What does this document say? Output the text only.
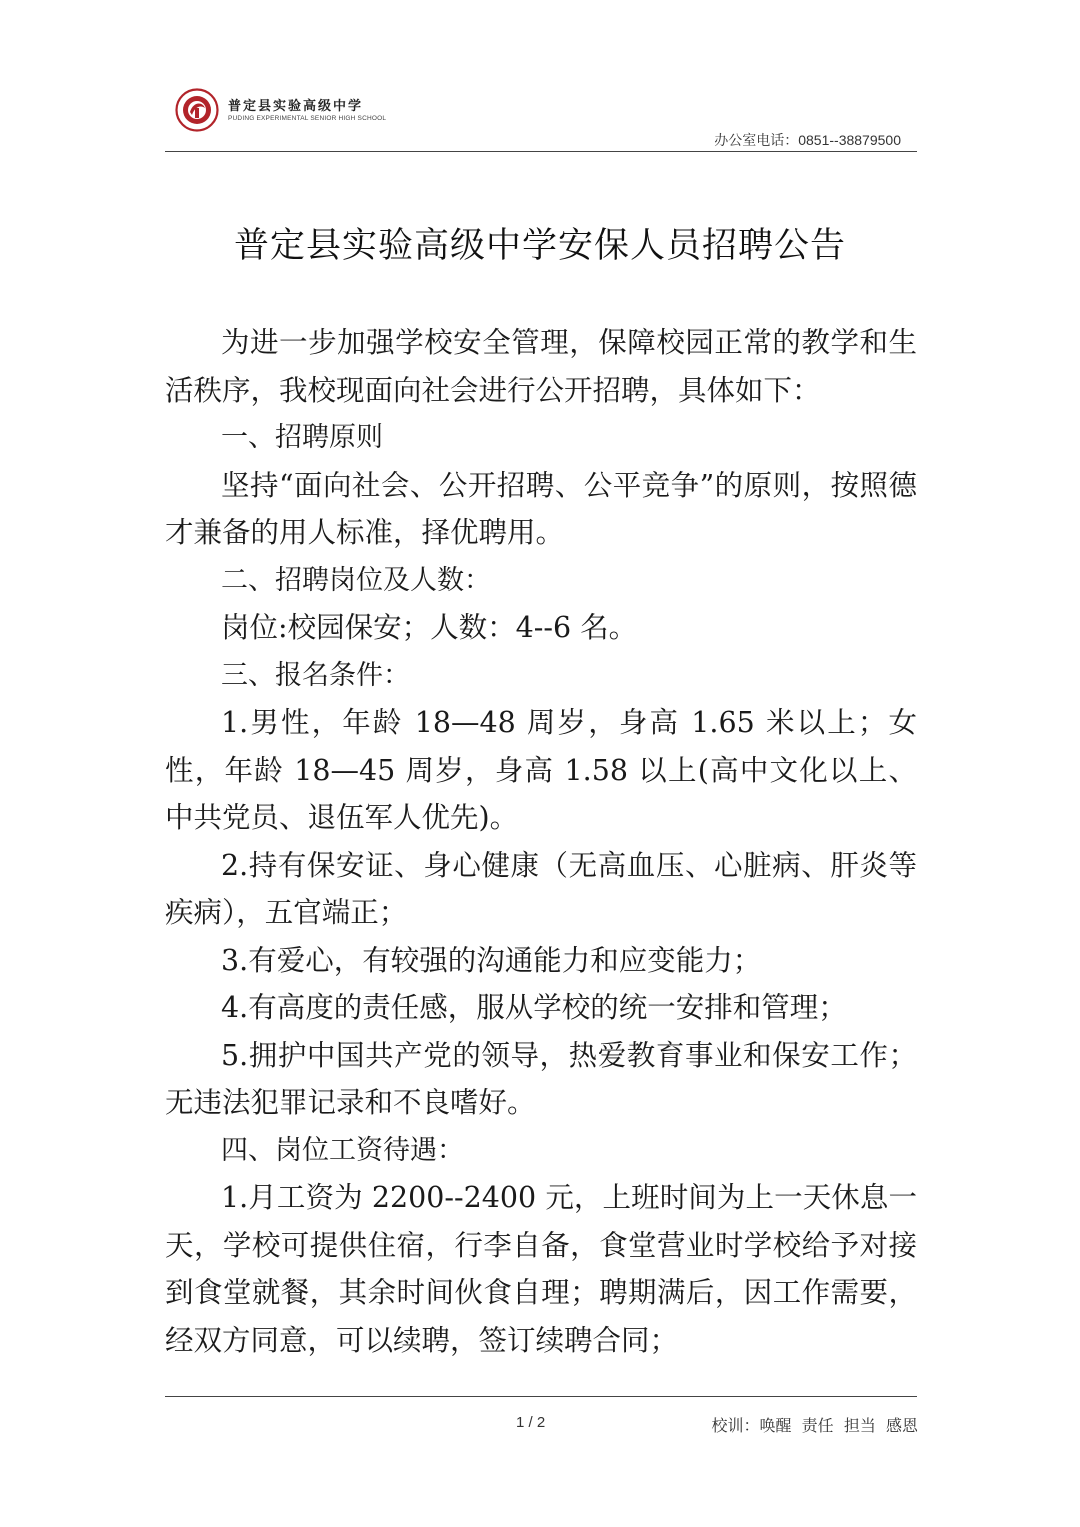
普定县实验高级中学
PUDING EXPERIMENTAL SENIOR HIGH SCHOOL
办公室电话：0851--38879500
普定县实验高级中学安保人员招聘公告

为进一步加强学校安全管理，保障校园正常的教学和生活秩序，我校现面向社会进行公开招聘，具体如下：

一、招聘原则

坚持“面向社会、公开招聘、公平竞争”的原则，按照德才兼备的用人标准，择优聘用。

二、招聘岗位及人数：

岗位:校园保安；人数：4--6 名。

三、报名条件：

1.男性，年龄 18—48 周岁，身高 1.65 米以上；女性，年龄 18—45 周岁，身高 1.58 以上(高中文化以上、中共党员、退伍军人优先)。

2.持有保安证、身心健康（无高血压、心脏病、肝炎等疾病），五官端正；

3.有爱心，有较强的沟通能力和应变能力；

4.有高度的责任感，服从学校的统一安排和管理；

5.拥护中国共产党的领导，热爱教育事业和保安工作；无违法犯罪记录和不良嗜好。

四、岗位工资待遇：

1.月工资为 2200--2400 元，上班时间为上一天休息一天，学校可提供住宿，行李自备，食堂营业时学校给予对接到食堂就餐，其余时间伙食自理；聘期满后，因工作需要，经双方同意，可以续聘，签订续聘合同；

1 / 2	校训：唤醒  责任  担当  感恩
